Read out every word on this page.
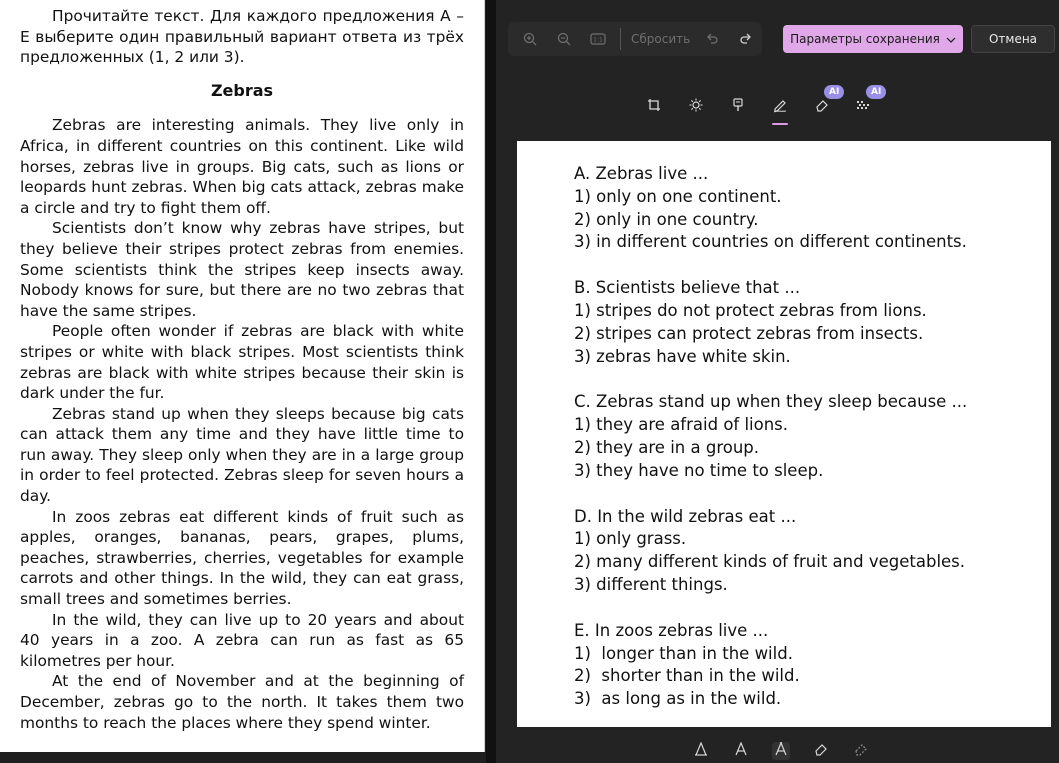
Прочитайте текст. Для каждого предложения A – E выберите один правильный вариант ответа из трёх предложенных (1, 2 или 3).

Zebras

Zebras are interesting animals. They live only in Africa, in different countries on this continent. Like wild horses, zebras live in groups. Big cats, such as lions or leopards hunt zebras. When big cats attack, zebras make a circle and try to fight them off.

Scientists don’t know why zebras have stripes, but they believe their stripes protect zebras from enemies. Some scientists think the stripes keep insects away. Nobody knows for sure, but there are no two zebras that have the same stripes.

People often wonder if zebras are black with white stripes or white with black stripes. Most scientists think zebras are black with white stripes because their skin is dark under the fur.

Zebras stand up when they sleeps because big cats can attack them any time and they have little time to run away. They sleep only when they are in a large group in order to feel protected. Zebras sleep for seven hours a day.

In zoos zebras eat different kinds of fruit such as apples, oranges, bananas, pears, grapes, plums, peaches, strawberries, cherries, vegetables for example carrots and other things. In the wild, they can eat grass, small trees and sometimes berries.

In the wild, they can live up to 20 years and about 40 years in a zoo. A zebra can run as fast as 65 kilometres per hour.

At the end of November and at the beginning of December, zebras go to the north. It takes them two months to reach the places where they spend winter.

1:1 Сбросить	Параметры сохранения	Отмена
AI	AI
A. Zebras live ...
1) only on one continent.
2) only in one country.
3) in different countries on different continents.
B. Scientists believe that ...
1) stripes do not protect zebras from lions.
2) stripes can protect zebras from insects.
3) zebras have white skin.
C. Zebras stand up when they sleep because ...
1) they are afraid of lions.
2) they are in a group.
3) they have no time to sleep.
D. In the wild zebras eat ...
1) only grass.
2) many different kinds of fruit and vegetables.
3) different things.
E. In zoos zebras live ...
1)  longer than in the wild.
2)  shorter than in the wild.
3)  as long as in the wild.
